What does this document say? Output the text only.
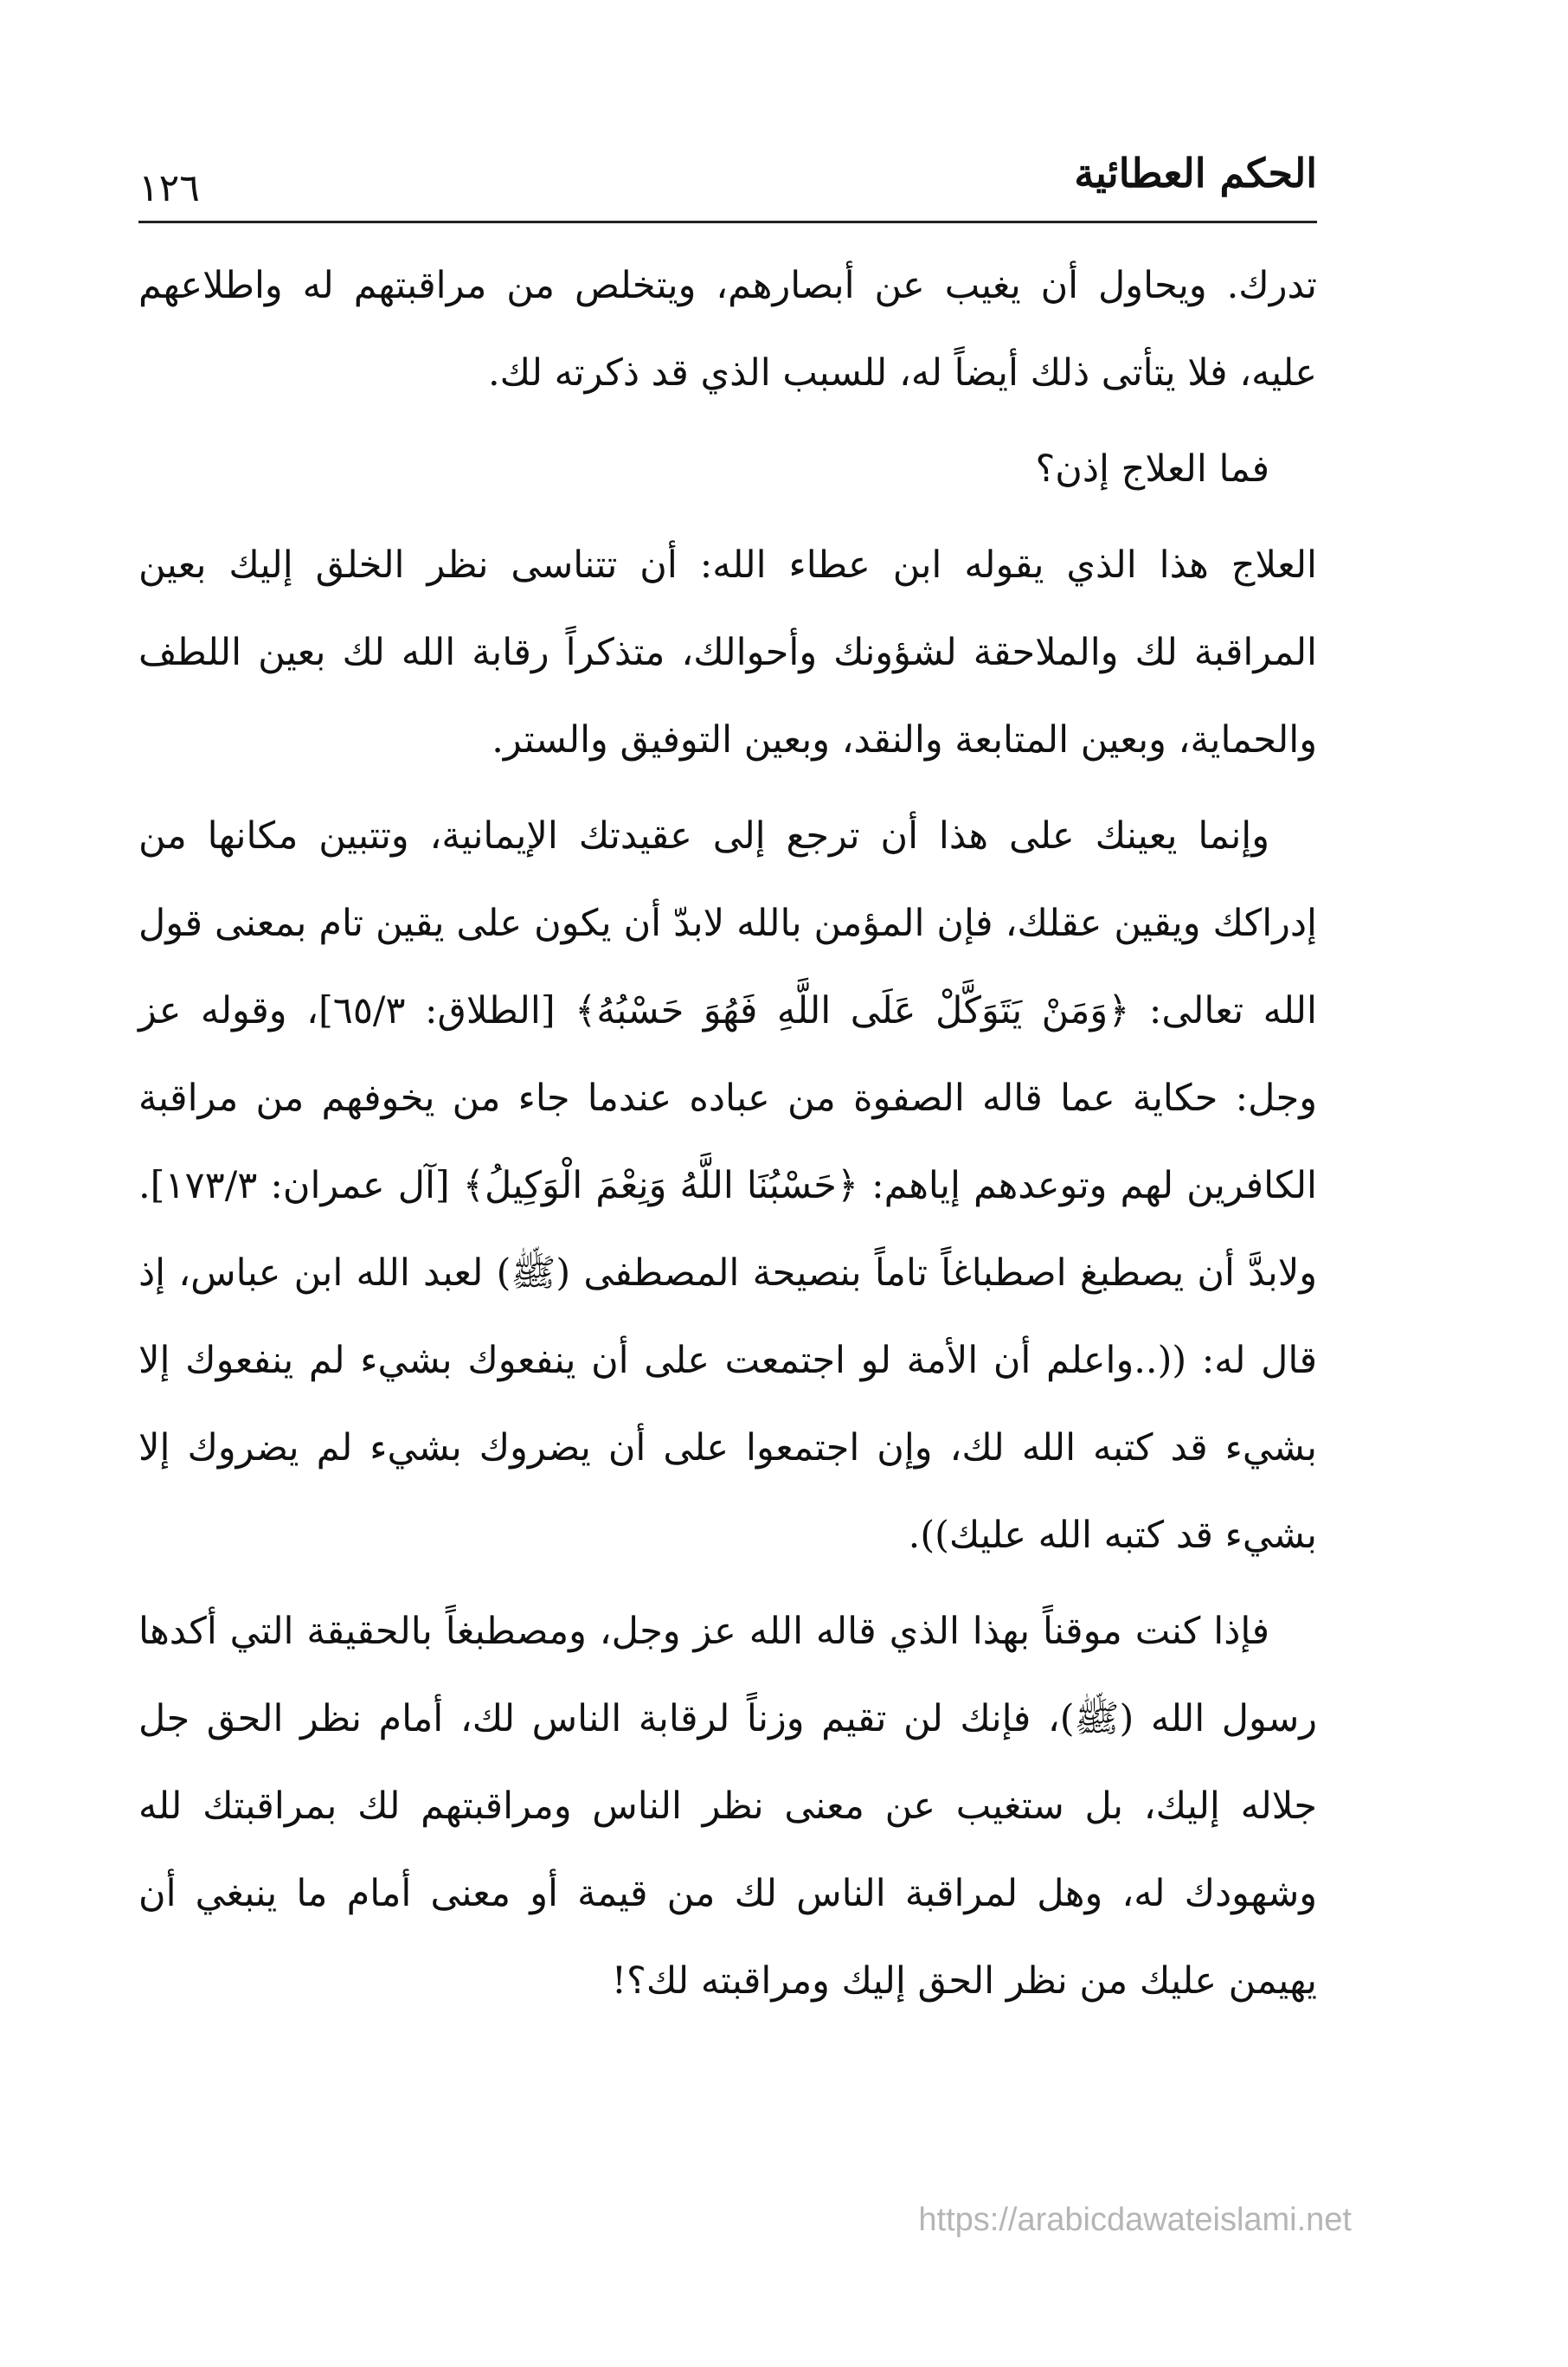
الحكم العطائية
١٢٦

تدرك. ويحاول أن يغيب عن أبصارهم، ويتخلص من مراقبتهم له واطلاعهم عليه، فلا يتأتى ذلك أيضاً له، للسبب الذي قد ذكرته لك.

فما العلاج إذن؟

العلاج هذا الذي يقوله ابن عطاء الله: أن تتناسى نظر الخلق إليك بعين المراقبة لك والملاحقة لشؤونك وأحوالك، متذكراً رقابة الله لك بعين اللطف والحماية، وبعين المتابعة والنقد، وبعين التوفيق والستر.

وإنما يعينك على هذا أن ترجع إلى عقيدتك الإيمانية، وتتبين مكانها من إدراكك ويقين عقلك، فإن المؤمن بالله لابدّ أن يكون على يقين تام بمعنى قول الله تعالى: ﴿وَمَنْ يَتَوَكَّلْ عَلَى اللَّهِ فَهُوَ حَسْبُهُ﴾ [الطلاق: ٦٥/٣]، وقوله عز وجل: حكاية عما قاله الصفوة من عباده عندما جاء من يخوفهم من مراقبة الكافرين لهم وتوعدهم إياهم: ﴿حَسْبُنَا اللَّهُ وَنِعْمَ الْوَكِيلُ﴾ [آل عمران: ١٧٣/٣]. ولابدَّ أن يصطبغ اصطباغاً تاماً بنصيحة المصطفى (ﷺ) لعبد الله ابن عباس، إذ قال له: ((..واعلم أن الأمة لو اجتمعت على أن ينفعوك بشيء لم ينفعوك إلا بشيء قد كتبه الله لك، وإن اجتمعوا على أن يضروك بشيء لم يضروك إلا بشيء قد كتبه الله عليك)).

فإذا كنت موقناً بهذا الذي قاله الله عز وجل، ومصطبغاً بالحقيقة التي أكدها رسول الله (ﷺ)، فإنك لن تقيم وزناً لرقابة الناس لك، أمام نظر الحق جل جلاله إليك، بل ستغيب عن معنى نظر الناس ومراقبتهم لك بمراقبتك لله وشهودك له، وهل لمراقبة الناس لك من قيمة أو معنى أمام ما ينبغي أن يهيمن عليك من نظر الحق إليك ومراقبته لك؟!

https://arabicdawateislami.net
